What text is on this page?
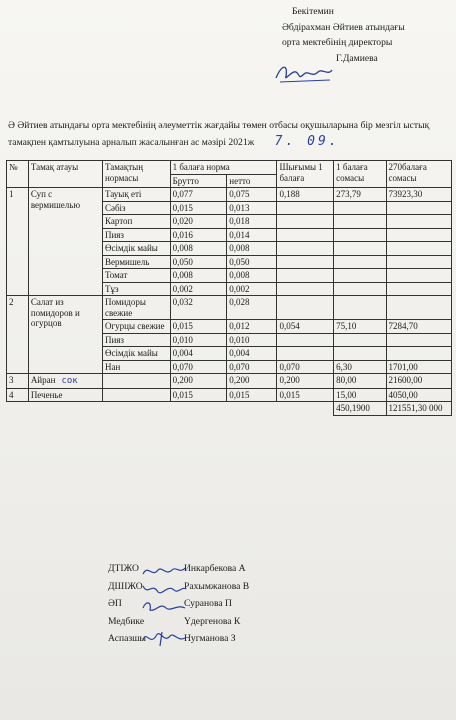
Бекітемин
Әбдірахман Әйтиев атындағы
орта мектебінің директоры
Г.Дамиева
Ә Әйтиев атындағы орта мектебінің әлеуметтік жағдайы төмен отбасы оқушыларына бір мезгіл ыстық тамақпен қамтылуына арналып жасалынған ас мәзірі 2021ж 7. 09.
№	Тамақ атауы	Тамақтың нормасы	1 балаға норма		Шығымы 1 балаға	1 балаға сомасы	270балаға сомасы
			Брутто	нетто			
1	Суп с вермишелью	Тауық еті	0,077	0,075	0,188	273,79	73923,30
		Сәбіз	0,015	0,013			
		Картоп	0,020	0,018			
		Пияз	0,016	0,014			
		Өсімдік майы	0,008	0,008			
		Вермишель	0,050	0,050			
		Томат	0,008	0,008			
		Тұз	0,002	0,002			
2	Салат из помидоров и огурцов	Помидоры свежие	0,032	0,028			
		Огурцы свежие	0,015	0,012	0,054	75,10	7284,70
		Пияз	0,010	0,010			
		Өсімдік майы	0,004	0,004			
		Нан	0,070	0,070	0,070	6,30	1701,00
3	Айран сок		0,200	0,200	0,200	80,00	21600,00
4	Печенье		0,015	0,015	0,015	15,00	4050,00
						450,1900	121551,30 000
ДТІЖО	Инкарбекова А
ДШІЖО	Рахымжанова В
ӘП	Суранова П
Медбике	Үдергенова К
Аспазшы	Нугманова З
